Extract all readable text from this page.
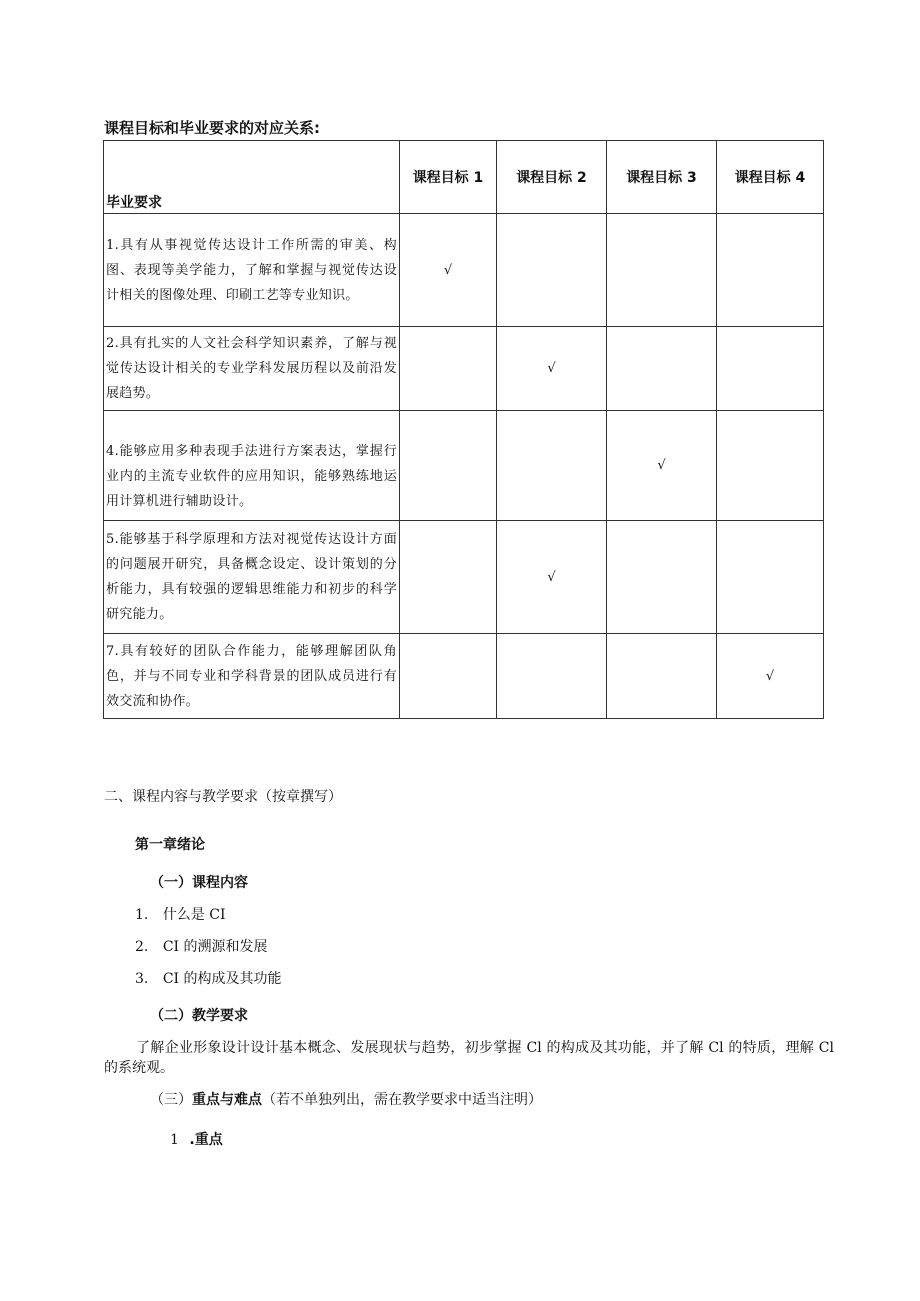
课程目标和毕业要求的对应关系:
毕业要求	课程目标 1	课程目标 2	课程目标 3	课程目标 4
1.具有从事视觉传达设计工作所需的审美、构图、表现等美学能力，了解和掌握与视觉传达设计相关的图像处理、印刷工艺等专业知识。	√			
2.具有扎实的人文社会科学知识素养，了解与视觉传达设计相关的专业学科发展历程以及前沿发展趋势。		√		
4.能够应用多种表现手法进行方案表达，掌握行业内的主流专业软件的应用知识，能够熟练地运用计算机进行辅助设计。			√	
5.能够基于科学原理和方法对视觉传达设计方面的问题展开研究，具备概念设定、设计策划的分析能力，具有较强的逻辑思维能力和初步的科学研究能力。		√		
7.具有较好的团队合作能力，能够理解团队角色，并与不同专业和学科背景的团队成员进行有效交流和协作。				√
二、课程内容与教学要求（按章撰写）
第一章绪论
（一）课程内容
1. 什么是 CI
2. CI 的溯源和发展
3. CI 的构成及其功能
（二）教学要求
了解企业形象设计设计基本概念、发展现状与趋势，初步掌握 Cl 的构成及其功能，并了解 Cl 的特质，理解 Cl 的系统观。
（三）重点与难点（若不单独列出，需在教学要求中适当注明）
1 .重点
